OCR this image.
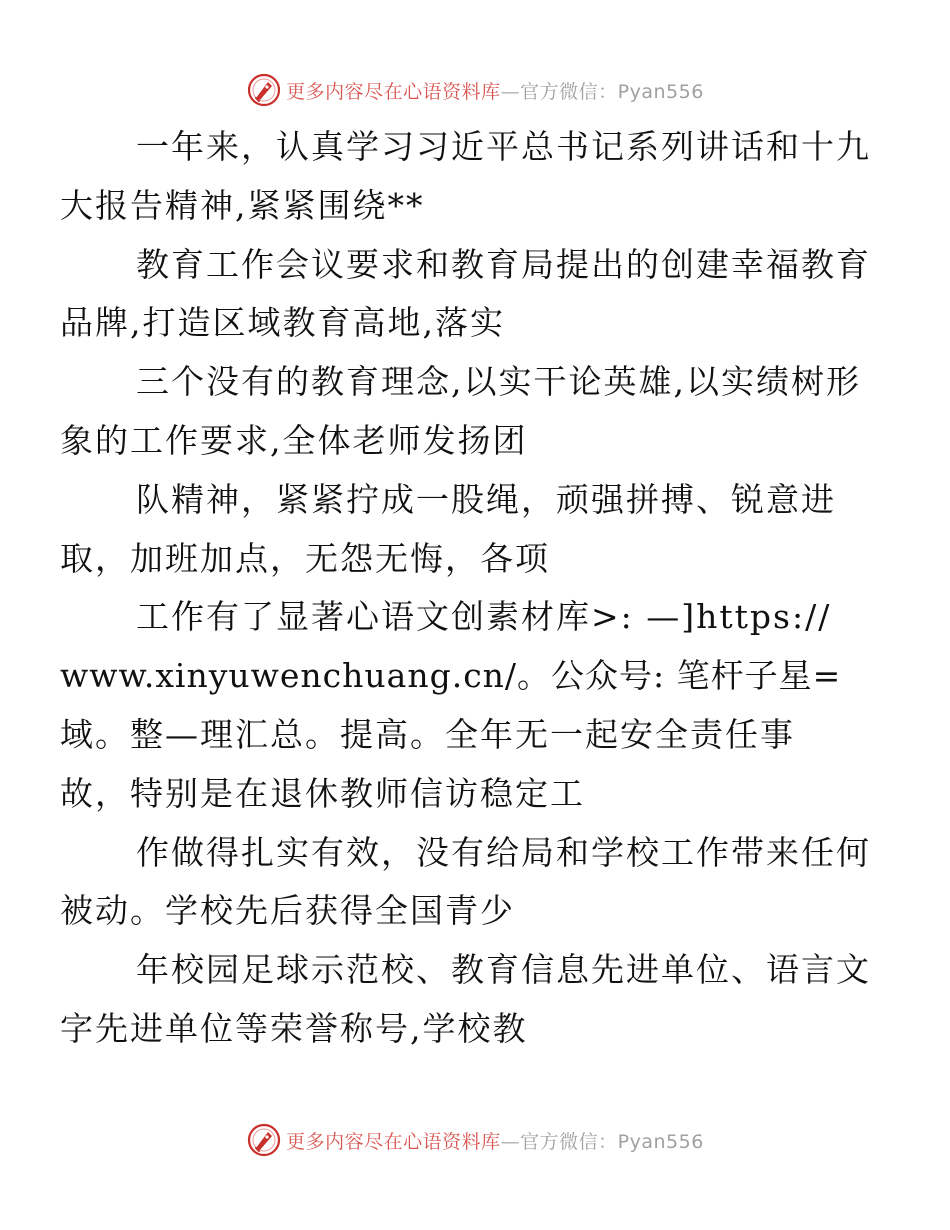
更多内容尽在心语资料库—官方微信：Pyan556

一年来，认真学习习近平总书记系列讲话和十九
大报告精神,紧紧围绕**

教育工作会议要求和教育局提出的创建幸福教育
品牌,打造区域教育高地,落实

三个没有的教育理念,以实干论英雄,以实绩树形
象的工作要求,全体老师发扬团

队精神，紧紧拧成一股绳，顽强拼搏、锐意进
取，加班加点，无怨无悔，各项

工作有了显著心语文创素材库>: —]https://
www.xinyuwenchuang.cn/。公众号: 笔杆子星=
域。整—理汇总。提高。全年无一起安全责任事
故，特别是在退休教师信访稳定工

作做得扎实有效，没有给局和学校工作带来任何
被动。学校先后获得全国青少

年校园足球示范校、教育信息先进单位、语言文
字先进单位等荣誉称号,学校教

更多内容尽在心语资料库—官方微信：Pyan556
